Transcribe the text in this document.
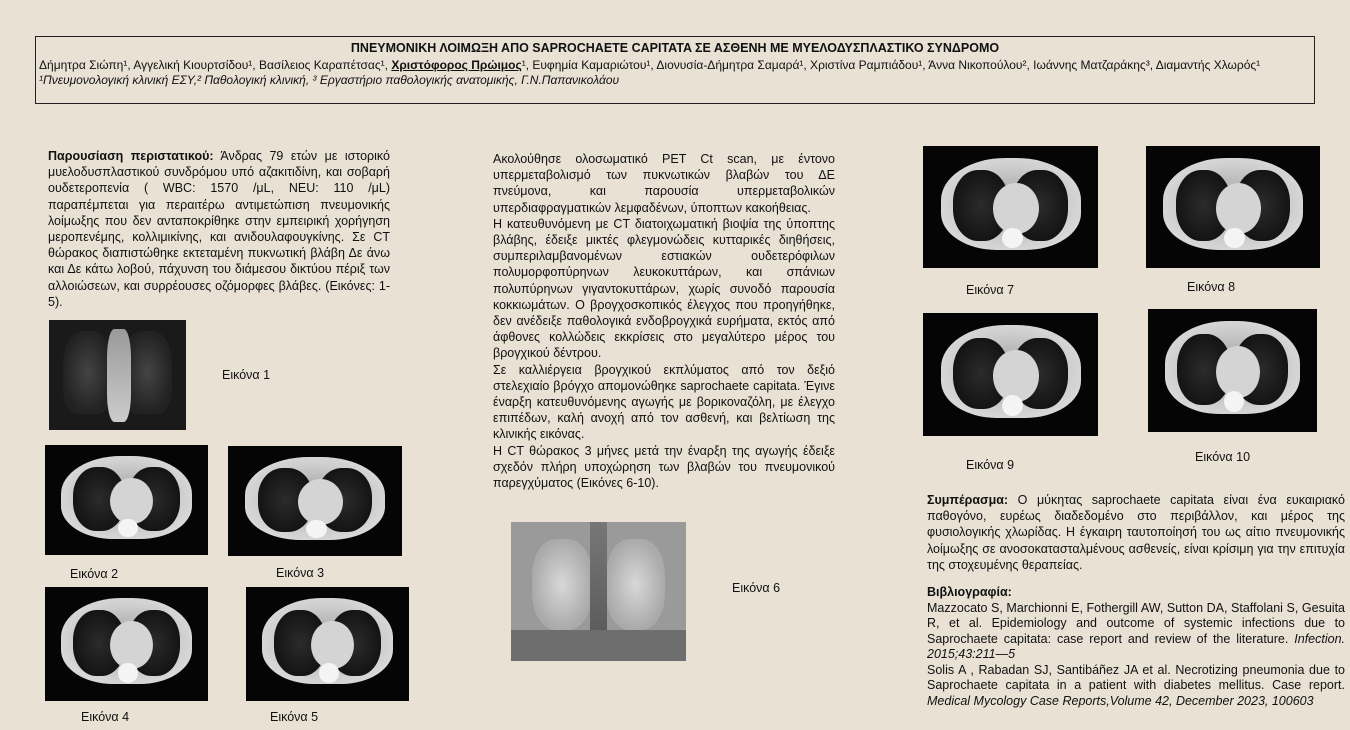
ΠΝΕΥΜΟΝΙΚΗ ΛΟΙΜΩΞΗ ΑΠΟ SAPROCHAETE CAPITATA ΣΕ ΑΣΘΕΝΗ ΜΕ ΜΥΕΛΟΔΥΣΠΛΑΣΤΙΚΟ ΣΥΝΔΡΟΜΟ
Δήμητρα Σιώπη¹, Αγγελική Κιουρτσίδου¹, Βασίλειος Καραπέτσας¹, Χριστόφορος Πρώιμος¹, Ευφημία Καμαριώτου¹, Διονυσία-Δήμητρα Σαμαρά¹, Χριστίνα Ραμπιάδου¹, Άννα Νικοπούλου², Ιωάννης Ματζαράκης³, Διαμαντής Χλωρός¹
¹Πνευμονολογική κλινική ΕΣΥ,² Παθολογική κλινική, ³ Εργαστήριο παθολογικής ανατομικής, Γ.Ν.Παπανικολάου
Παρουσίαση περιστατικού: Άνδρας 79 ετών με ιστορικό μυελοδυσπλαστικού συνδρόμου υπό αζακιτιδίνη, και σοβαρή ουδετεροπενία ( WBC: 1570 /μL, NEU: 110 /μL) παραπέμπεται για περαιτέρω αντιμετώπιση πνευμονικής λοίμωξης που δεν ανταποκρίθηκε στην εμπειρική χορήγηση μεροπενέμης, κολλιμικίνης, και ανιδουλαφουγκίνης. Σε CT θώρακος διαπιστώθηκε εκτεταμένη πυκνωτική βλάβη Δε άνω και Δε κάτω λοβού, πάχυνση του διάμεσου δικτύου πέριξ των αλλοιώσεων, και συρρέουσες οζόμορφες βλάβες. (Εικόνες: 1-5).
Εικόνα 1
Εικόνα 2	Εικόνα 3
Εικόνα 4	Εικόνα 5
Ακολούθησε ολοσωματικό PET Ct scan, με έντονο υπερμεταβολισμό των πυκνωτικών βλαβών του ΔΕ πνεύμονα, και παρουσία υπερμεταβολικών υπερδιαφραγματικών λεμφαδένων, ύποπτων κακοήθειας.
Η κατευθυνόμενη με CT διατοιχωματική βιοψία της ύποπτης βλάβης, έδειξε μικτές φλεγμονώδεις κυτταρικές διηθήσεις, συμπεριλαμβανομένων εστιακών ουδετερόφιλων πολυμορφοπύρηνων λευκοκυττάρων, και σπάνιων πολυπύρηνων γιγαντοκυττάρων, χωρίς συνοδό παρουσία κοκκιωμάτων. Ο βρογχοσκοπικός έλεγχος που προηγήθηκε, δεν ανέδειξε παθολογικά ενδοβρογχικά ευρήματα, εκτός από άφθονες κολλώδεις εκκρίσεις στο μεγαλύτερο μέρος του βρογχικού δέντρου.
Σε καλλιέργεια βρογχικού εκπλύματος από τον δεξιό στελεχιαίο βρόγχο απομονώθηκε saprochaete capitata. Έγινε έναρξη κατευθυνόμενης αγωγής με βορικοναζόλη, με έλεγχο επιπέδων, καλή ανοχή από τον ασθενή, και βελτίωση της κλινικής εικόνας.
Η CT θώρακος 3 μήνες μετά την έναρξη της αγωγής έδειξε σχεδόν πλήρη υποχώρηση των βλαβών του πνευμονικού παρεγχύματος (Εικόνες 6-10).
Εικόνα 6
Εικόνα 7	Εικόνα 8
Εικόνα 9
Εικόνα 10
Συμπέρασμα: Ο μύκητας saprochaete capitata είναι ένα ευκαιριακό παθογόνο, ευρέως διαδεδομένο στο περιβάλλον, και μέρος της φυσιολογικής χλωρίδας. Η έγκαιρη ταυτοποίησή του ως αίτιο πνευμονικής λοίμωξης σε ανοσοκατασταλμένους ασθενείς, είναι κρίσιμη για την επιτυχία της στοχευμένης θεραπείας.
Βιβλιογραφία:
Mazzocato S, Marchionni E, Fothergill AW, Sutton DA, Staffolani S, Gesuita R, et al. Epidemiology and outcome of systemic infections due to Saprochaete capitata: case report and review of the literature. Infection. 2015;43:211—5
Solis A , Rabadan SJ, Santibáñez JA et al. Necrotizing pneumonia due to Saprochaete capitata in a patient with diabetes mellitus. Case report. Medical Mycology Case Reports,Volume 42, December 2023, 100603
